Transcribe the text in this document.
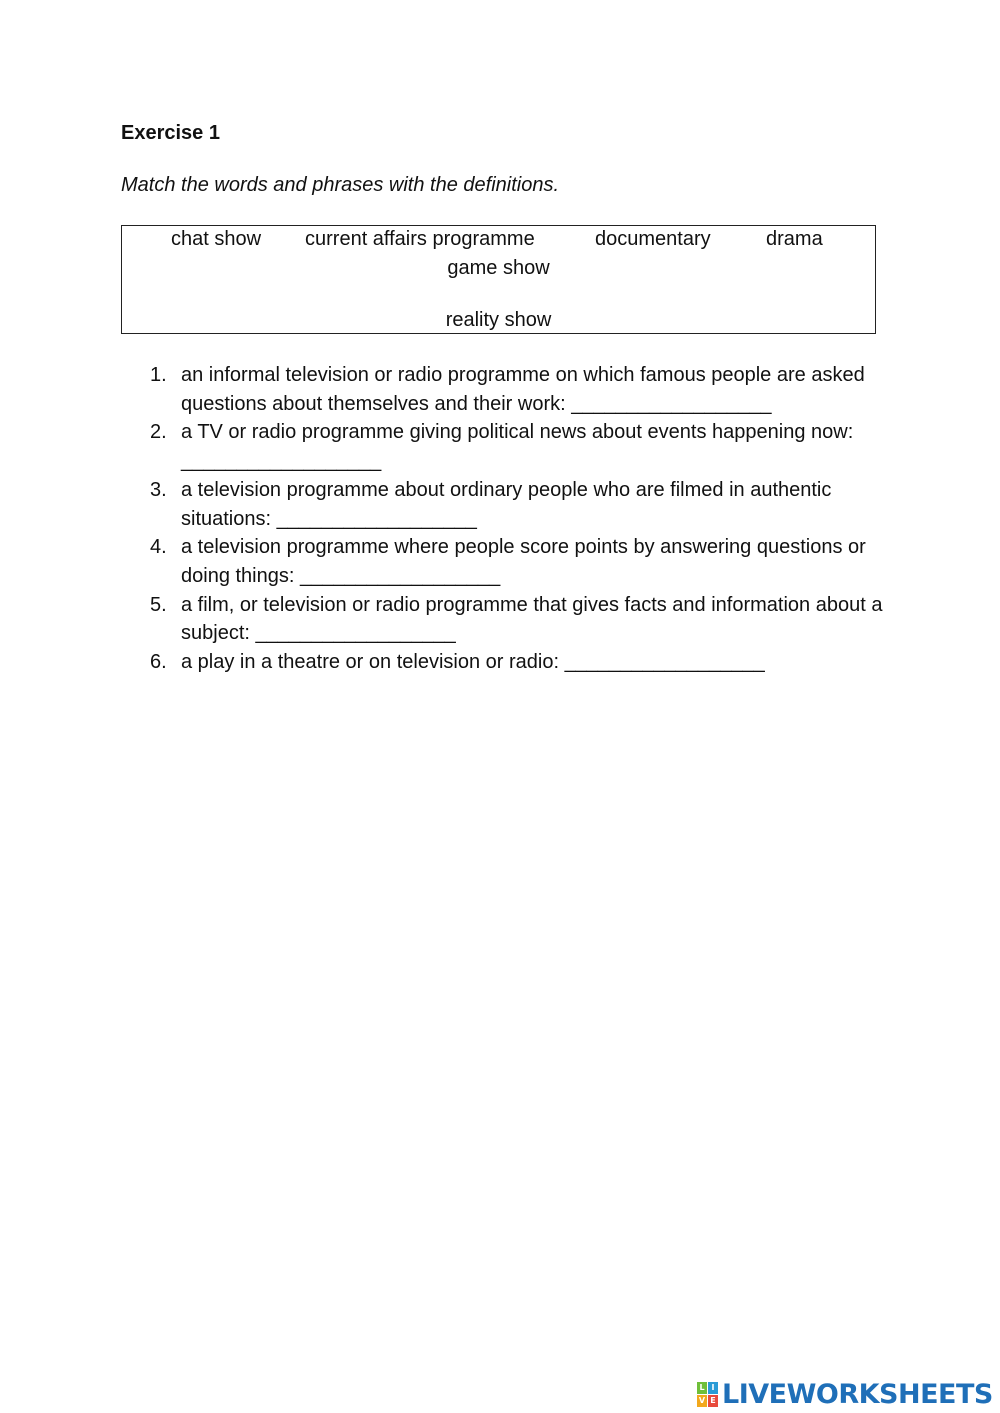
Exercise 1
Match the words and phrases with the definitions.
chat show current affairs programme	documentary	drama
game show
reality show
1. an informal television or radio programme on which famous people are asked questions about themselves and their work: __________________
2. a TV or radio programme giving political news about events happening now: __________________
3. a television programme about ordinary people who are filmed in authentic situations: __________________
4. a television programme where people score points by answering questions or doing things: __________________
5. a film, or television or radio programme that gives facts and information about a subject: __________________
6. a play in a theatre or on television or radio: __________________
L I
V E LIVEWORKSHEETS
